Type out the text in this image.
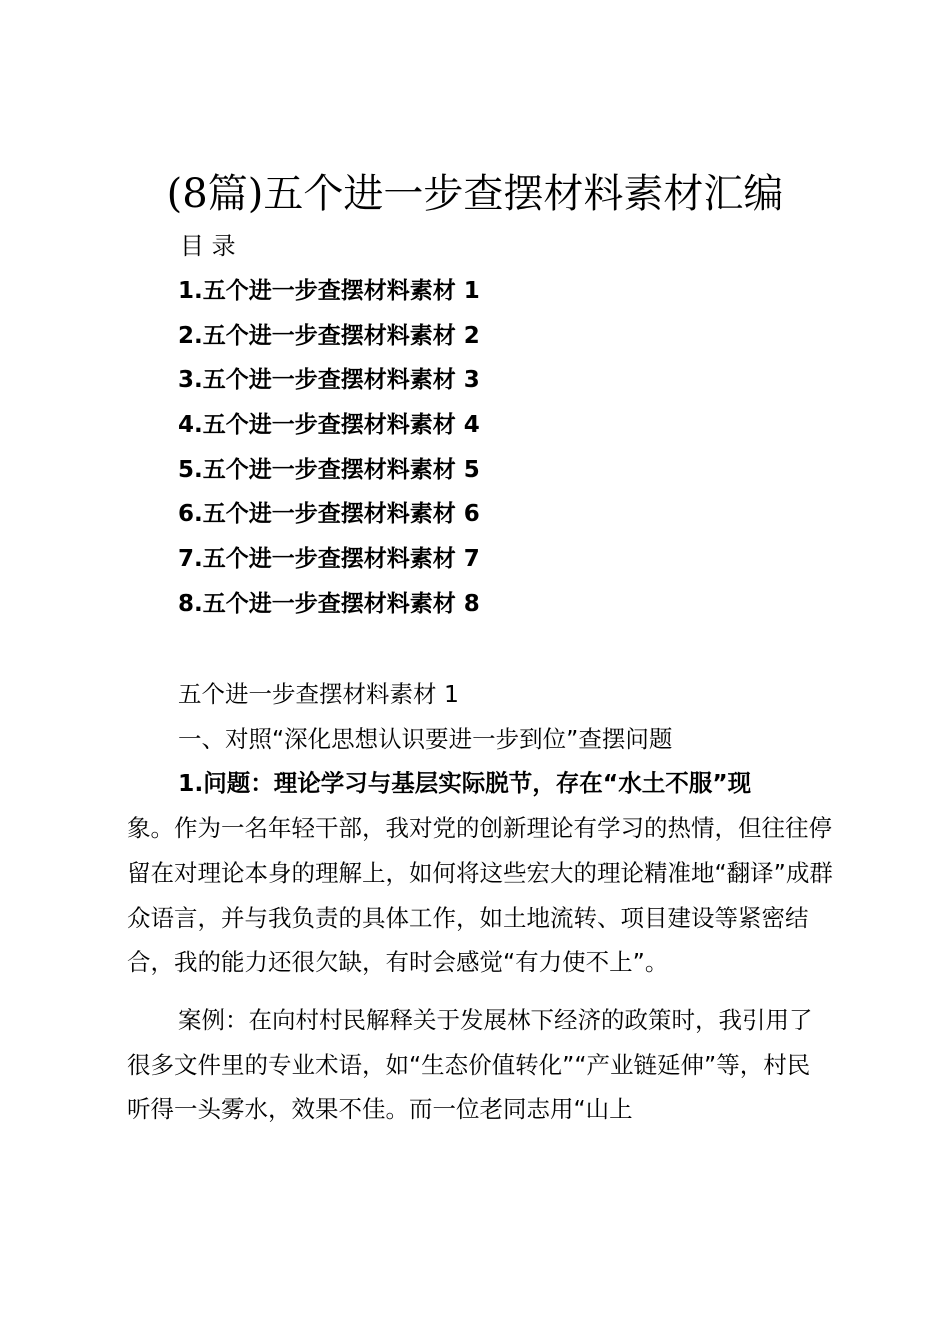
(8篇)五个进一步查摆材料素材汇编

目 录

1.五个进一步查摆材料素材 1
2.五个进一步查摆材料素材 2
3.五个进一步查摆材料素材 3
4.五个进一步查摆材料素材 4
5.五个进一步查摆材料素材 5
6.五个进一步查摆材料素材 6
7.五个进一步查摆材料素材 7
8.五个进一步查摆材料素材 8

五个进一步查摆材料素材 1

一、对照“深化思想认识要进一步到位”查摆问题

1.问题：理论学习与基层实际脱节，存在“水土不服”现

象。作为一名年轻干部，我对党的创新理论有学习的热情，但往往停留在对理论本身的理解上，如何将这些宏大的理论精准地“翻译”成群众语言，并与我负责的具体工作，如土地流转、项目建设等紧密结合，我的能力还很欠缺，有时会感觉“有力使不上”。

案例：在向村村民解释关于发展林下经济的政策时，我引用了很多文件里的专业术语，如“生态价值转化”“产业链延伸”等，村民听得一头雾水，效果不佳。而一位老同志用“山上
